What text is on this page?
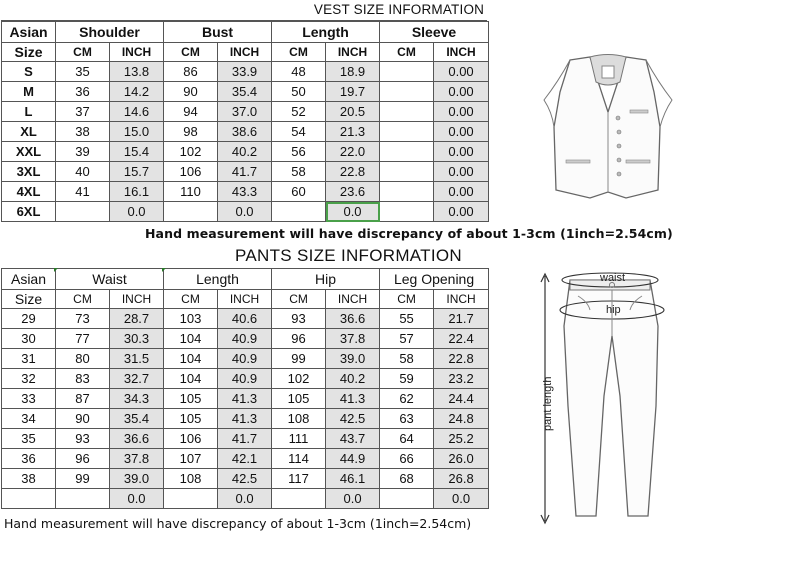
VEST SIZE INFORMATION
Asian	Shoulder		Bust		Length		Sleeve	
Size	CM	INCH	CM	INCH	CM	INCH	CM	INCH
S	35	13.8	86	33.9	48	18.9		0.00
M	36	14.2	90	35.4	50	19.7		0.00
L	37	14.6	94	37.0	52	20.5		0.00
XL	38	15.0	98	38.6	54	21.3		0.00
XXL	39	15.4	102	40.2	56	22.0		0.00
3XL	40	15.7	106	41.7	58	22.8		0.00
4XL	41	16.1	110	43.3	60	23.6		0.00
6XL		0.0		0.0		0.0		0.00
Hand measurement will have discrepancy of about 1-3cm (1inch=2.54cm)
PANTS SIZE INFORMATION
Asian	Waist		Length		Hip		Leg Opening	
Size	CM	INCH	CM	INCH	CM	INCH	CM	INCH
29	73	28.7	103	40.6	93	36.6	55	21.7
30	77	30.3	104	40.9	96	37.8	57	22.4
31	80	31.5	104	40.9	99	39.0	58	22.8
32	83	32.7	104	40.9	102	40.2	59	23.2
33	87	34.3	105	41.3	105	41.3	62	24.4
34	90	35.4	105	41.3	108	42.5	63	24.8
35	93	36.6	106	41.7	111	43.7	64	25.2
36	96	37.8	107	42.1	114	44.9	66	26.0
38	99	39.0	108	42.5	117	46.1	68	26.8
		0.0		0.0		0.0		0.0
Hand measurement will have discrepancy of about 1-3cm (1inch=2.54cm)
waist
hip
pant length
